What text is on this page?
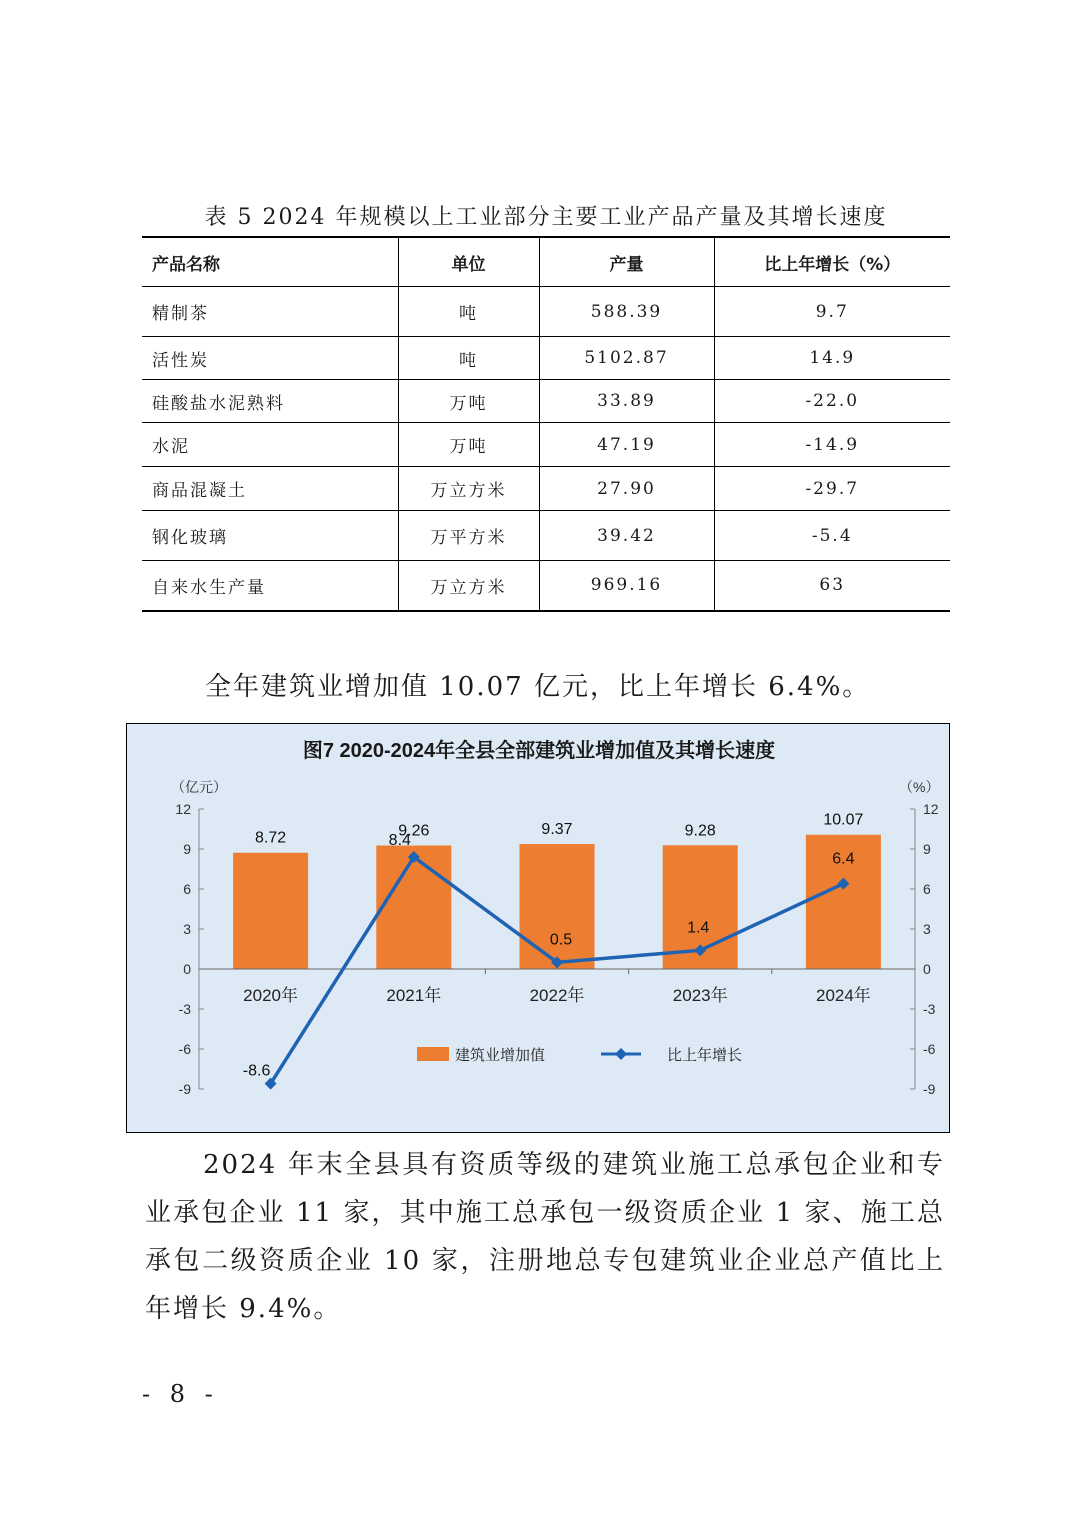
表 5 2024 年规模以上工业部分主要工业产品产量及其增长速度
产品名称	单位	产量	比上年增长（%）
精制茶	吨	588.39	9.7
活性炭	吨	5102.87	14.9
硅酸盐水泥熟料	万吨	33.89	-22.0
水泥	万吨	47.19	-14.9
商品混凝土	万立方米	27.90	-29.7
钢化玻璃	万平方米	39.42	-5.4
自来水生产量	万立方米	969.16	63
全年建筑业增加值 10.07 亿元，比上年增长 6.4%。
图7 2020-2024年全县全部建筑业增加值及其增长速度
（亿元）	（%）
12	12
9	9
6	6
3	3
0	0
-3	-3
-6	-6
-9	-9
8.72	9.26	9.37	9.28
10.07
2020年	2021年	2022年	2023年	2024年
-8.6
8.4
0.5
1.4
6.4
建筑业增加值	比上年增长
2024 年末全县具有资质等级的建筑业施工总承包企业和专业承包企业 11 家，其中施工总承包一级资质企业 1 家、施工总承包二级资质企业 10 家，注册地总专包建筑业企业总产值比上年增长 9.4%。
- 8 -
